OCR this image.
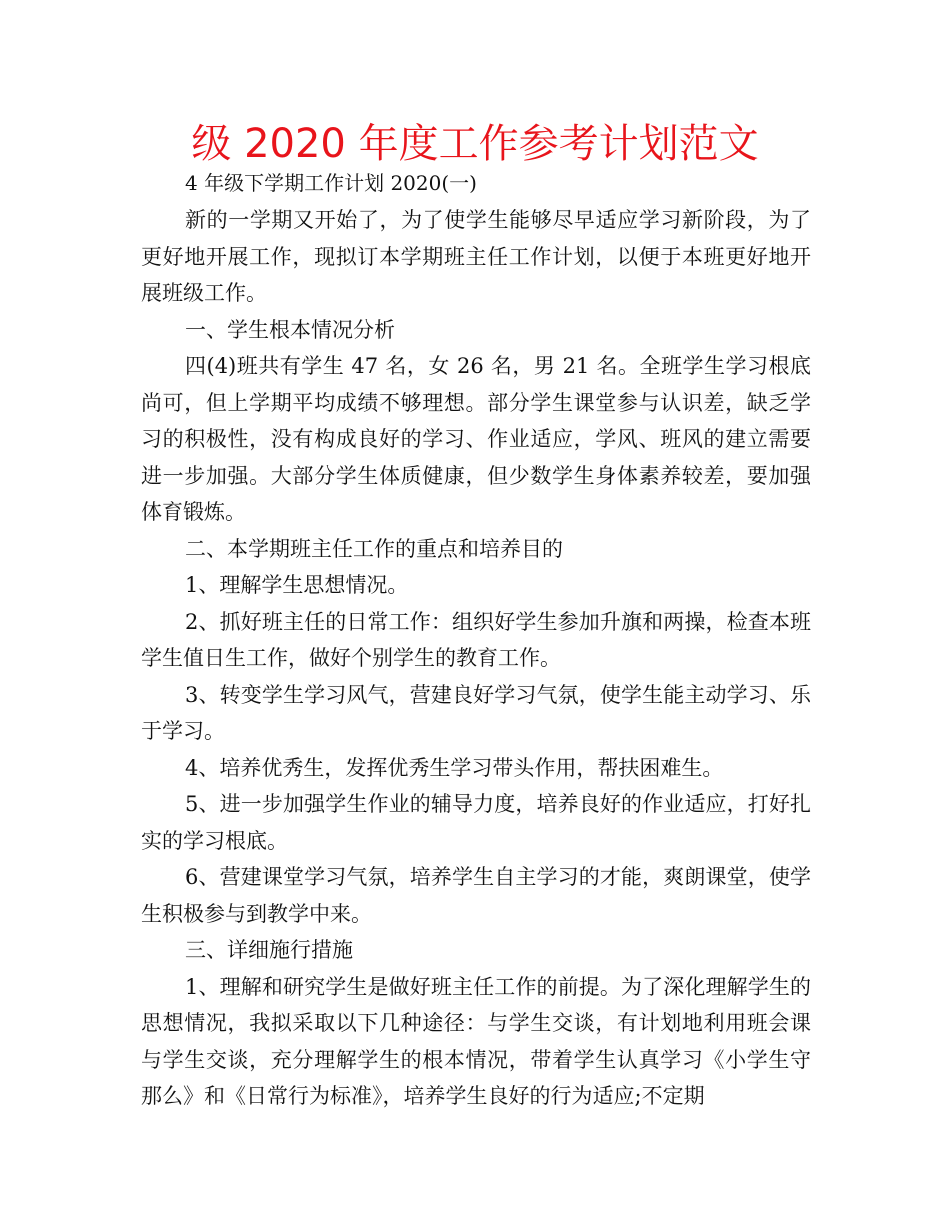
级 2020 年度工作参考计划范文

4 年级下学期工作计划 2020(一)

新的一学期又开始了，为了使学生能够尽早适应学习新阶段，为了更好地开展工作，现拟订本学期班主任工作计划，以便于本班更好地开展班级工作。

一、学生根本情况分析

四(4)班共有学生 47 名，女 26 名，男 21 名。全班学生学习根底尚可，但上学期平均成绩不够理想。部分学生课堂参与认识差，缺乏学习的积极性，没有构成良好的学习、作业适应，学风、班风的建立需要进一步加强。大部分学生体质健康，但少数学生身体素养较差，要加强体育锻炼。

二、本学期班主任工作的重点和培养目的

1、理解学生思想情况。

2、抓好班主任的日常工作：组织好学生参加升旗和两操，检查本班学生值日生工作，做好个别学生的教育工作。

3、转变学生学习风气，营建良好学习气氛，使学生能主动学习、乐于学习。

4、培养优秀生，发挥优秀生学习带头作用，帮扶困难生。

5、进一步加强学生作业的辅导力度，培养良好的作业适应，打好扎实的学习根底。

6、营建课堂学习气氛，培养学生自主学习的才能，爽朗课堂，使学生积极参与到教学中来。

三、详细施行措施

1、理解和研究学生是做好班主任工作的前提。为了深化理解学生的思想情况，我拟采取以下几种途径：与学生交谈，有计划地利用班会课与学生交谈，充分理解学生的根本情况，带着学生认真学习《小学生守那么》和《日常行为标准》，培养学生良好的行为适应;不定期
